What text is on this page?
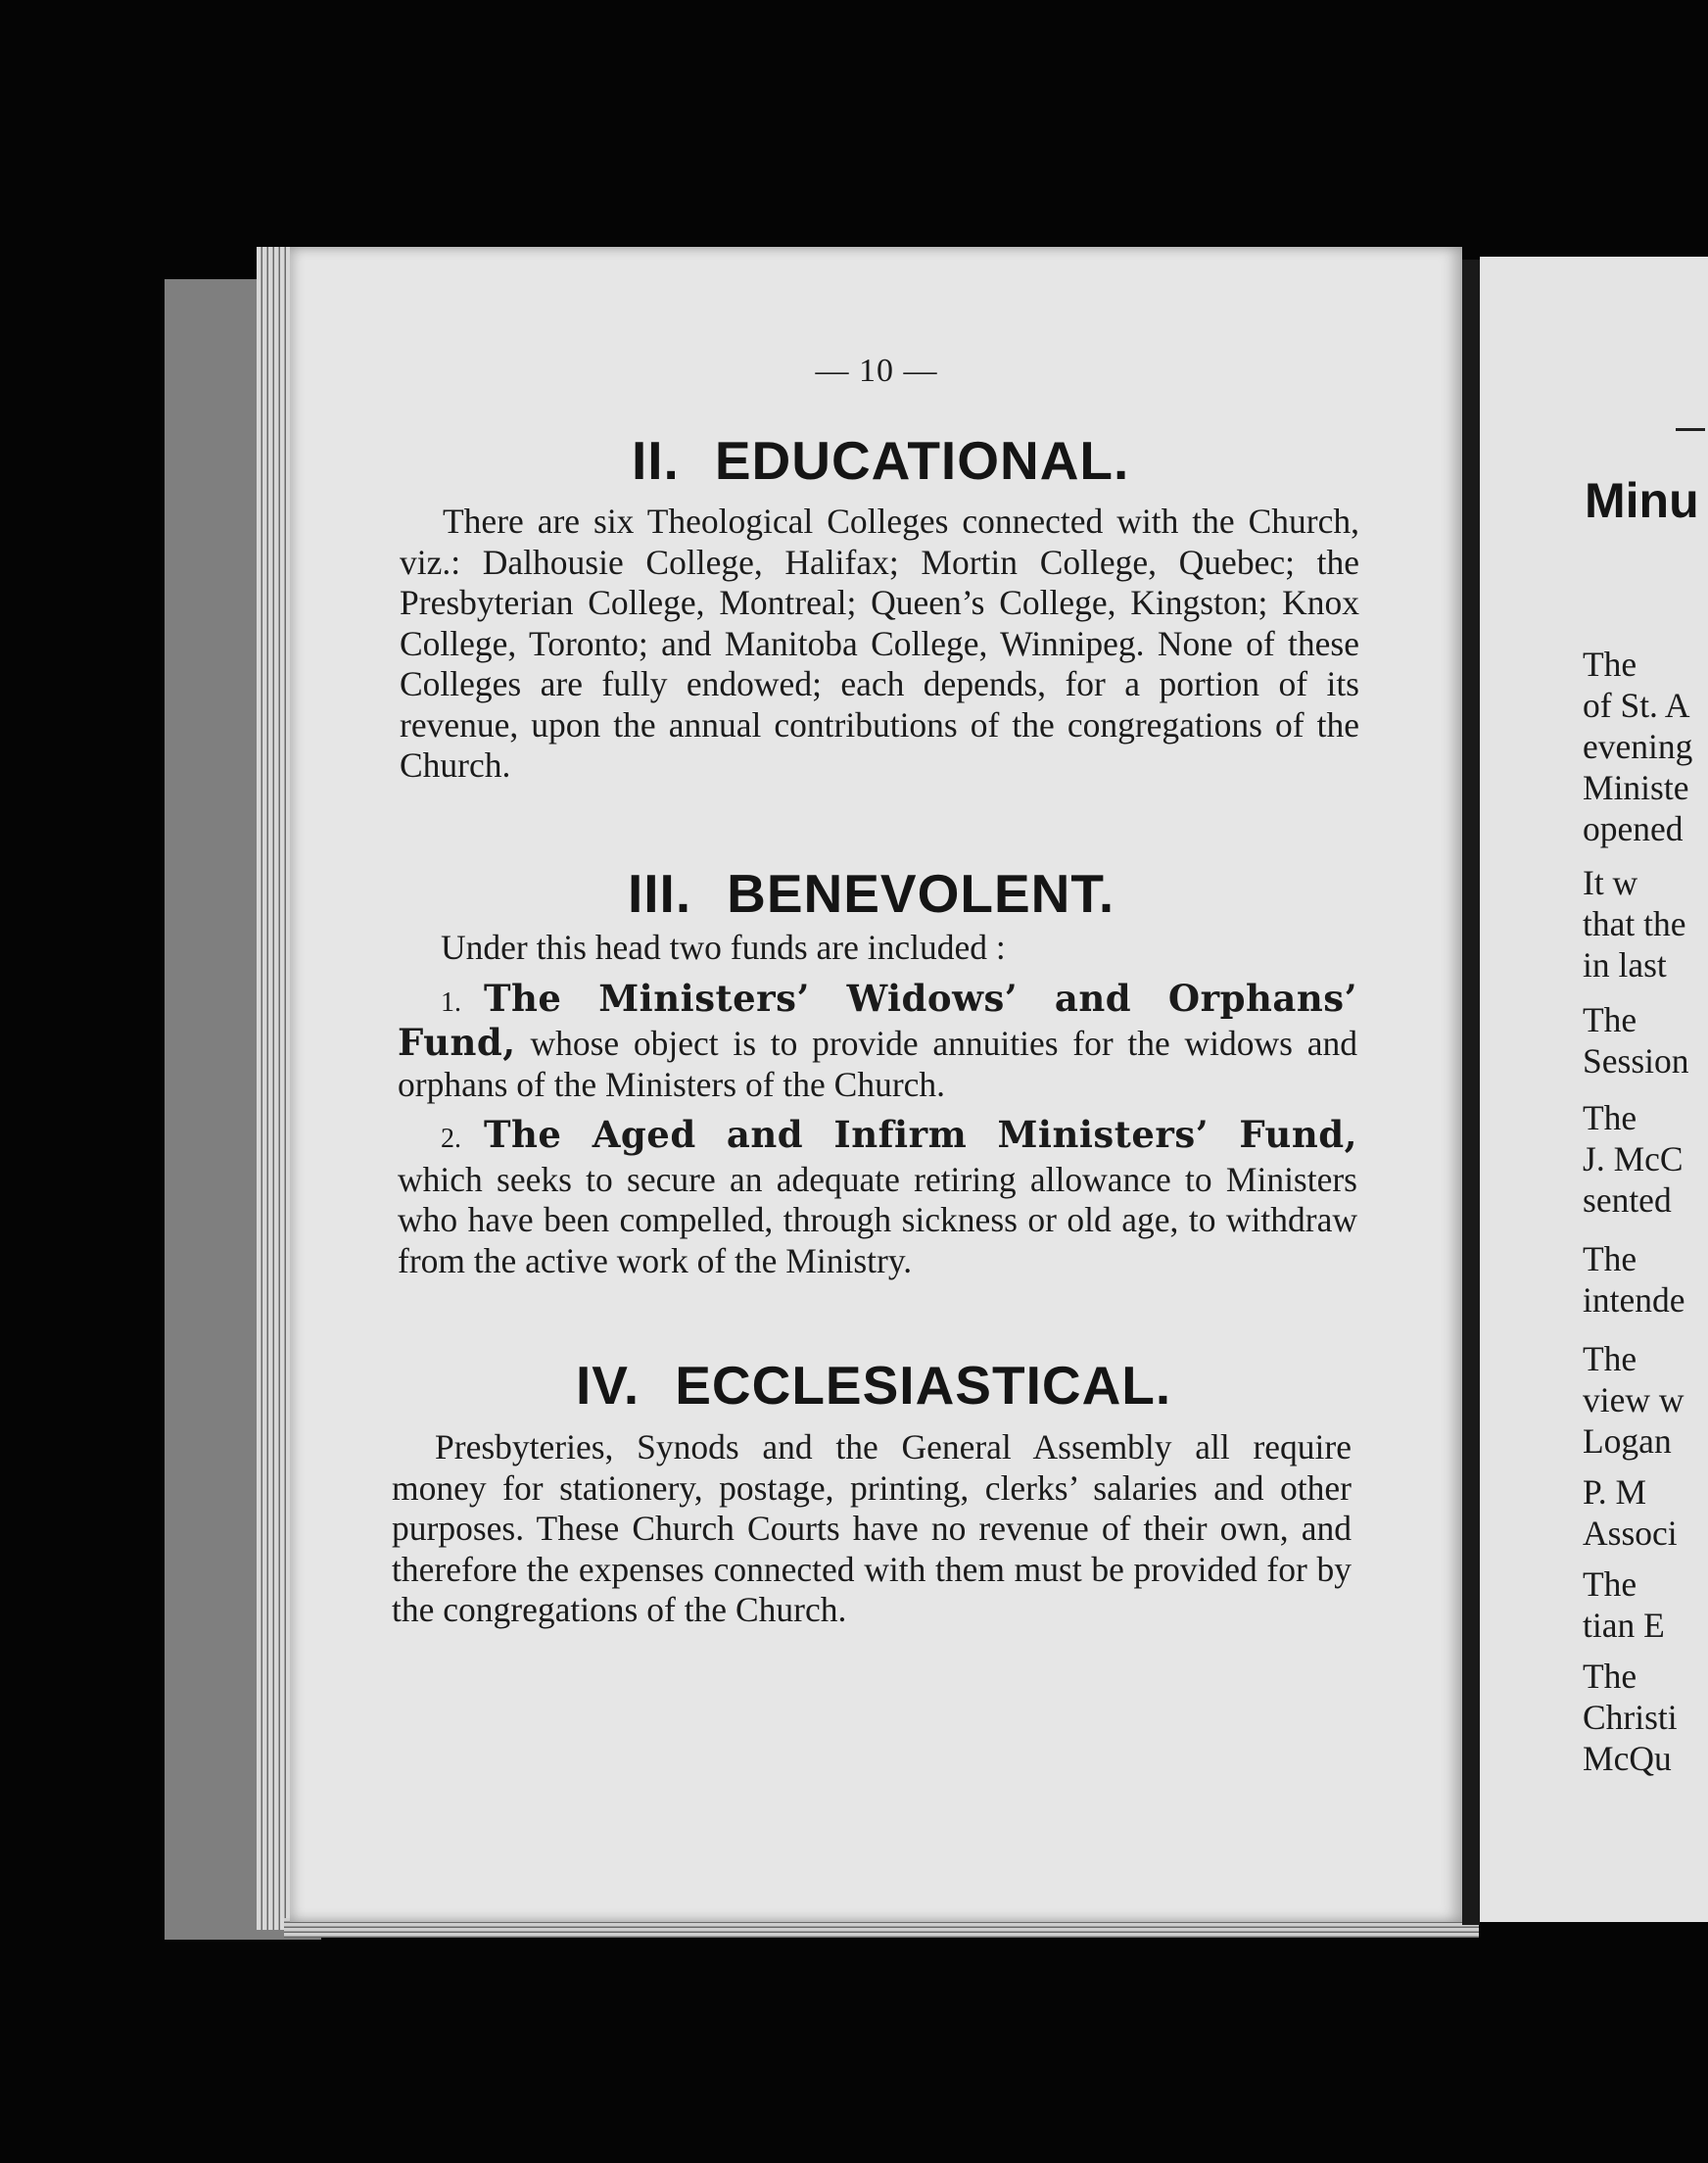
— 10 —
II. EDUCATIONAL.

There are six Theological Colleges connected with the Church, viz.: Dalhousie College, Halifax; Mortin College, Quebec; the Presbyterian College, Montreal; Queen’s College, Kingston; Knox College, Toronto; and Manitoba College, Winnipeg. None of these Colleges are fully endowed; each depends, for a portion of its revenue, upon the annual contributions of the congregations of the Church.

III. BENEVOLENT.

Under this head two funds are included :

1. The Ministers’ Widows’ and Orphans’ Fund, whose object is to provide annuities for the widows and orphans of the Ministers of the Church.

2. The Aged and Infirm Ministers’ Fund, which seeks to secure an adequate retiring allowance to Ministers who have been compelled, through sickness or old age, to withdraw from the active work of the Ministry.

IV. ECCLESIASTICAL.

Presbyteries, Synods and the General Assembly all require money for stationery, postage, printing, clerks’ salaries and other purposes. These Church Courts have no revenue of their own, and therefore the expenses connected with them must be provided for by the congregations of the Church.

Minu
The
of St. A
evening
Ministe
opened
It w
that the
in last
The
Session
The
J. McC
sented
The
intende
The
view w
Logan
P. M
Associ
The
tian E
The
Christi
McQu
